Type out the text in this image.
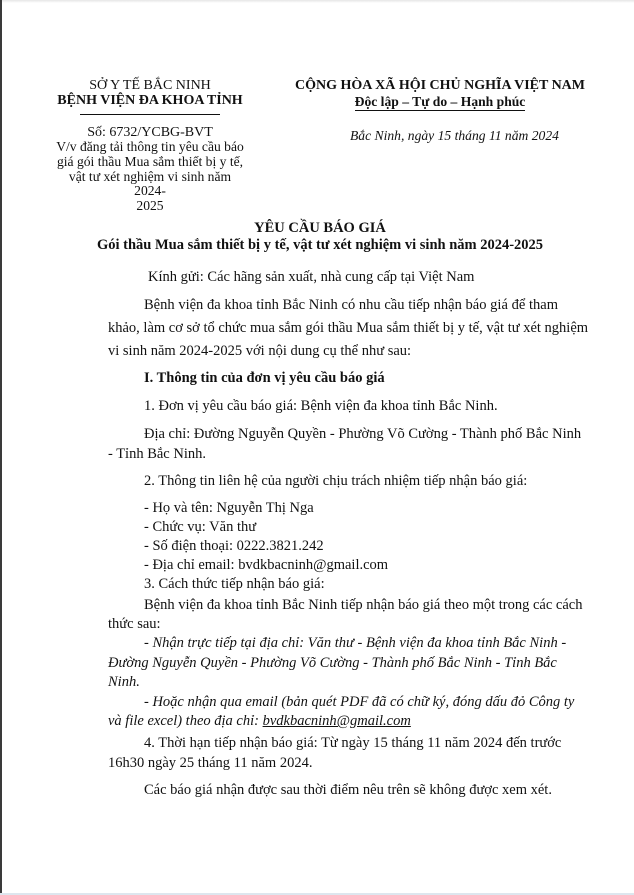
SỞ Y TẾ BẮC NINH
BỆNH VIỆN ĐA KHOA TỈNH
Số: 6732/YCBG-BVT
V/v đăng tải thông tin yêu cầu báo
giá gói thầu Mua sắm thiết bị y tế,
vật tư xét nghiệm vi sinh năm 2024-
2025
CỘNG HÒA XÃ HỘI CHỦ NGHĨA VIỆT NAM
Độc lập – Tự do – Hạnh phúc
Bắc Ninh, ngày 15 tháng 11 năm 2024
YÊU CẦU BÁO GIÁ
Gói thầu Mua sắm thiết bị y tế, vật tư xét nghiệm vi sinh năm 2024-2025
Kính gửi: Các hãng sản xuất, nhà cung cấp tại Việt Nam
Bệnh viện đa khoa tỉnh Bắc Ninh có nhu cầu tiếp nhận báo giá để tham
khảo, làm cơ sở tổ chức mua sắm gói thầu Mua sắm thiết bị y tế, vật tư xét nghiệm
vi sinh năm 2024-2025 với nội dung cụ thể như sau:
I. Thông tin của đơn vị yêu cầu báo giá
1. Đơn vị yêu cầu báo giá: Bệnh viện đa khoa tỉnh Bắc Ninh.
Địa chỉ: Đường Nguyễn Quyền - Phường Võ Cường - Thành phố Bắc Ninh
- Tỉnh Bắc Ninh.
2. Thông tin liên hệ của người chịu trách nhiệm tiếp nhận báo giá:
- Họ và tên: Nguyễn Thị Nga
- Chức vụ: Văn thư
- Số điện thoại: 0222.3821.242
- Địa chỉ email: bvdkbacninh@gmail.com
3. Cách thức tiếp nhận báo giá:
Bệnh viện đa khoa tỉnh Bắc Ninh tiếp nhận báo giá theo một trong các cách
thức sau:
- Nhận trực tiếp tại địa chỉ: Văn thư - Bệnh viện đa khoa tỉnh Bắc Ninh -
Đường Nguyễn Quyền - Phường Võ Cường - Thành phố Bắc Ninh - Tỉnh Bắc
Ninh.
- Hoặc nhận qua email (bản quét PDF đã có chữ ký, đóng dấu đỏ Công ty
và file excel) theo địa chỉ: bvdkbacninh@gmail.com
4. Thời hạn tiếp nhận báo giá: Từ ngày 15 tháng 11 năm 2024 đến trước
16h30 ngày 25 tháng 11 năm 2024.
Các báo giá nhận được sau thời điểm nêu trên sẽ không được xem xét.
